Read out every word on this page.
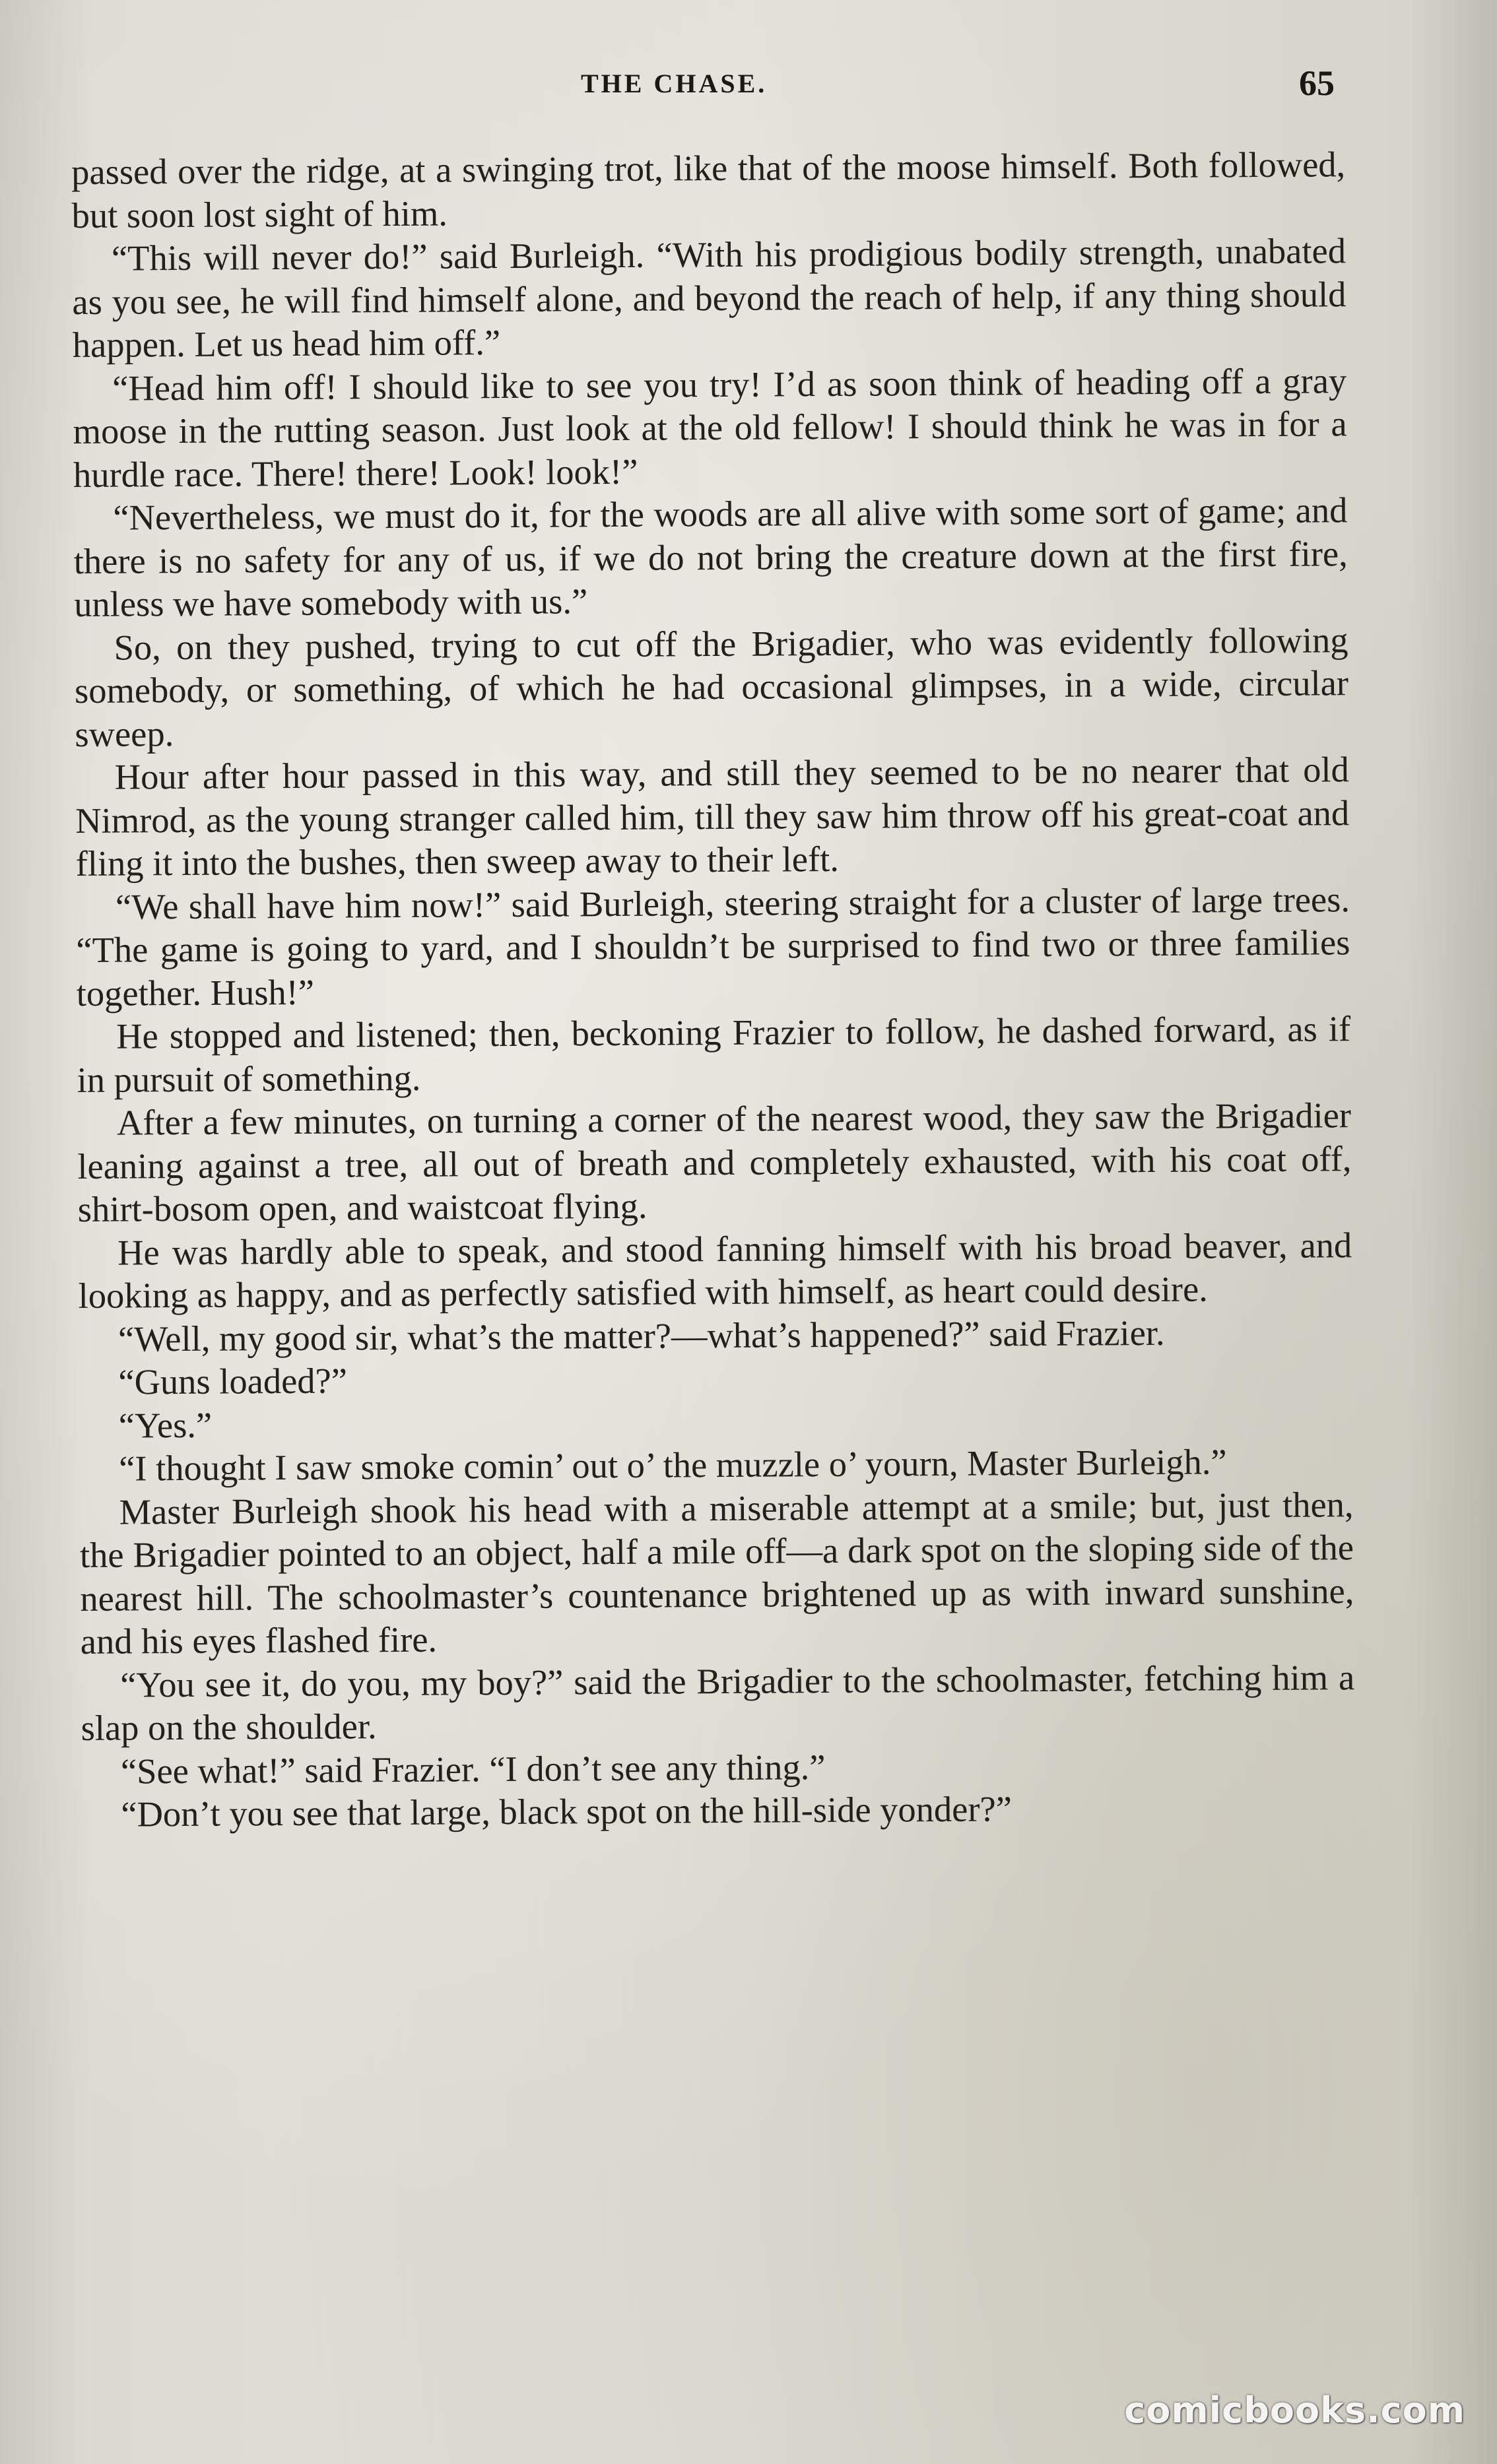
THE CHASE.	65

passed over the ridge, at a swinging trot, like that of the moose himself. Both followed, but soon lost sight of him.

“This will never do!” said Burleigh. “With his prodigious bodily strength, unabated as you see, he will find himself alone, and beyond the reach of help, if any thing should happen. Let us head him off.”

“Head him off! I should like to see you try! I’d as soon think of heading off a gray moose in the rutting season. Just look at the old fellow! I should think he was in for a hurdle race. There! there! Look! look!”

“Nevertheless, we must do it, for the woods are all alive with some sort of game; and there is no safety for any of us, if we do not bring the creature down at the first fire, unless we have somebody with us.”

So, on they pushed, trying to cut off the Brigadier, who was evidently following somebody, or something, of which he had occasional glimpses, in a wide, circular sweep.

Hour after hour passed in this way, and still they seemed to be no nearer that old Nimrod, as the young stranger called him, till they saw him throw off his great-coat and fling it into the bushes, then sweep away to their left.

“We shall have him now!” said Burleigh, steering straight for a cluster of large trees. “The game is going to yard, and I shouldn’t be surprised to find two or three families together. Hush!”

He stopped and listened; then, beckoning Frazier to follow, he dashed forward, as if in pursuit of something.

After a few minutes, on turning a corner of the nearest wood, they saw the Brigadier leaning against a tree, all out of breath and completely exhausted, with his coat off, shirt-bosom open, and waistcoat flying.

He was hardly able to speak, and stood fanning himself with his broad beaver, and looking as happy, and as perfectly satisfied with himself, as heart could desire.

“Well, my good sir, what’s the matter?—what’s happened?” said Frazier.

“Guns loaded?”

“Yes.”

“I thought I saw smoke comin’ out o’ the muzzle o’ yourn, Master Burleigh.”

Master Burleigh shook his head with a miserable attempt at a smile; but, just then, the Brigadier pointed to an object, half a mile off—a dark spot on the sloping side of the nearest hill. The schoolmaster’s countenance brightened up as with inward sunshine, and his eyes flashed fire.

“You see it, do you, my boy?” said the Brigadier to the schoolmaster, fetching him a slap on the shoulder.

“See what!” said Frazier. “I don’t see any thing.”

“Don’t you see that large, black spot on the hill-side yonder?”

comicbooks.com
